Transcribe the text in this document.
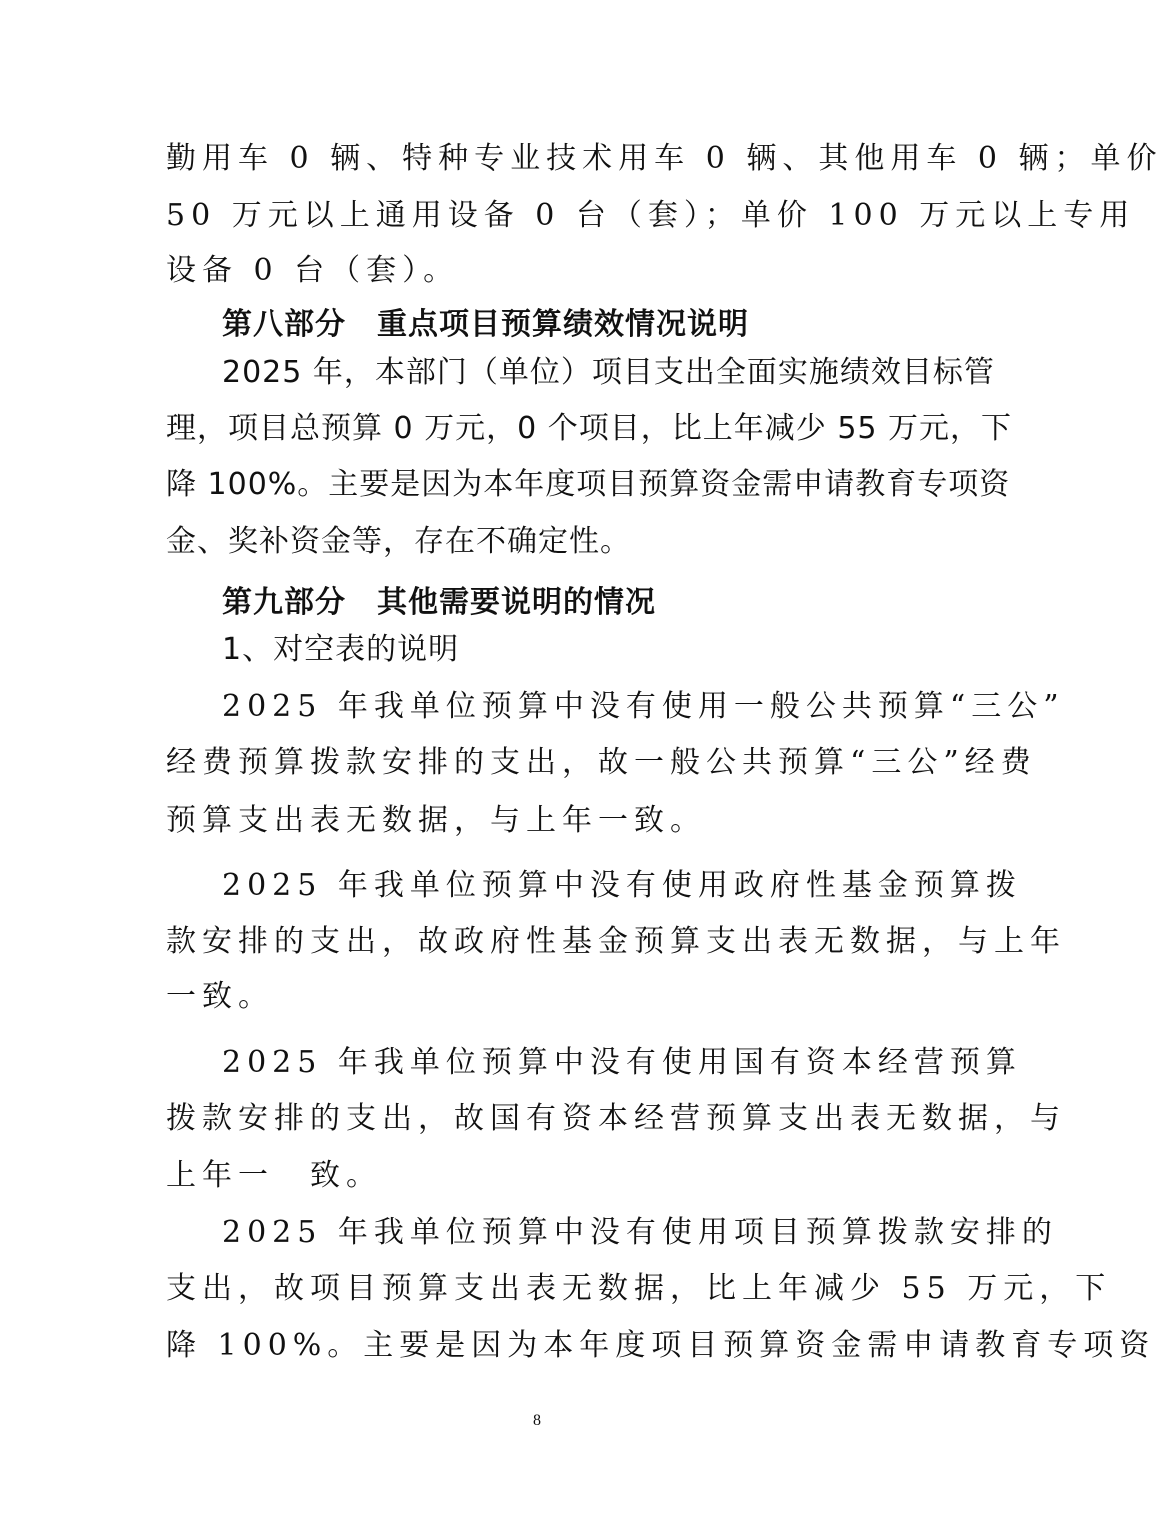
勤用车 0 辆、特种专业技术用车 0 辆、其他用车 0 辆；单价
50 万元以上通用设备 0 台（套）；单价 100 万元以上专用
设备 0 台（套）。
第八部分　重点项目预算绩效情况说明
2025 年，本部门（单位）项目支出全面实施绩效目标管
理，项目总预算 0 万元，0 个项目，比上年减少 55 万元，下
降 100%。主要是因为本年度项目预算资金需申请教育专项资
金、奖补资金等，存在不确定性。
第九部分　其他需要说明的情况
1、对空表的说明
2025 年我单位预算中没有使用一般公共预算“三公”
经费预算拨款安排的支出，故一般公共预算“三公”经费
预算支出表无数据，与上年一致。
2025 年我单位预算中没有使用政府性基金预算拨
款安排的支出，故政府性基金预算支出表无数据，与上年
一致。
2025 年我单位预算中没有使用国有资本经营预算
拨款安排的支出，故国有资本经营预算支出表无数据，与
上年一　致。
2025 年我单位预算中没有使用项目预算拨款安排的
支出，故项目预算支出表无数据，比上年减少 55 万元，下
降 100%。主要是因为本年度项目预算资金需申请教育专项资
8
